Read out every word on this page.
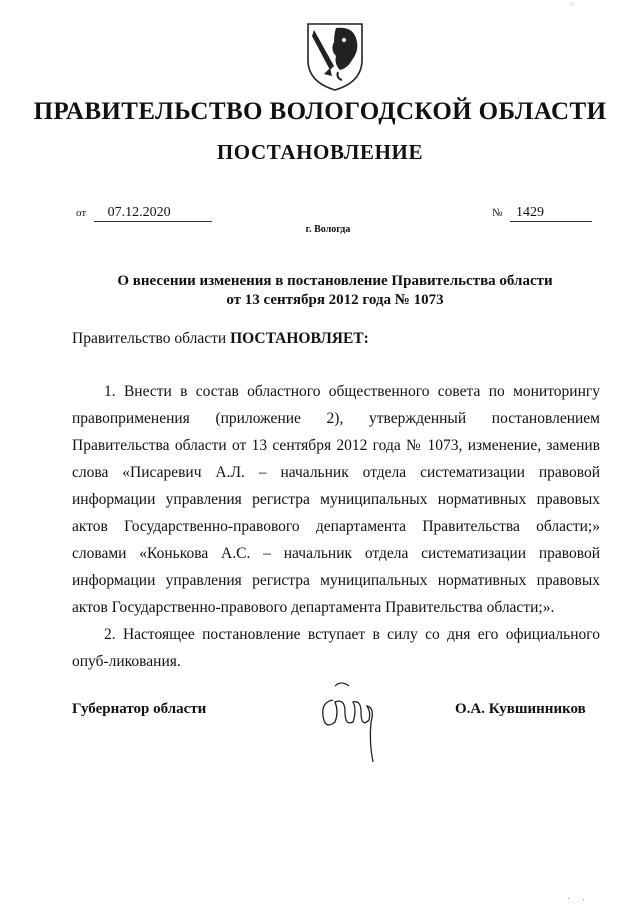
ПРАВИТЕЛЬСТВО ВОЛОГОДСКОЙ ОБЛАСТИ
ПОСТАНОВЛЕНИЕ
от 07.12.2020	№ 1429
г. Вологда
О внесении изменения в постановление Правительства области
от 13 сентября 2012 года № 1073
Правительство области ПОСТАНОВЛЯЕТ:

1. Внести в состав областного общественного совета по мониторингу правоприменения (приложение 2), утвержденный постановлением Правительства области от 13 сентября 2012 года № 1073, изменение, заменив слова «Писаревич А.Л. – начальник отдела систематизации правовой информации управления регистра муниципальных нормативных правовых актов Государственно-правового департамента Правительства области;» словами «Конькова А.С. – начальник отдела систематизации правовой информации управления регистра муниципальных нормативных правовых актов Государственно-правового департамента Правительства области;».

2. Настоящее постановление вступает в силу со дня его официального опуб-ликования.

Губернатор области	О.А. Кувшинников
